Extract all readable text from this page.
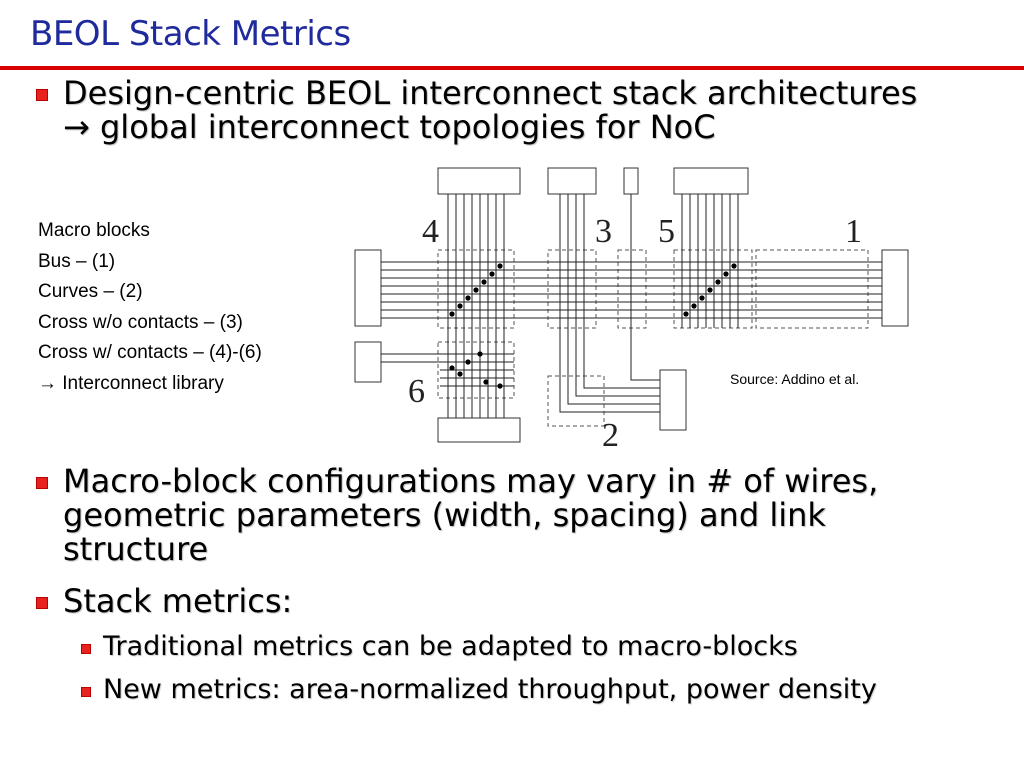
BEOL Stack Metrics
Design-centric BEOL interconnect stack architectures
→ global interconnect topologies for NoC
Macro blocks
Bus – (1)
Curves – (2)
Cross w/o contacts – (3)
Cross w/ contacts – (4)-(6)
→ Interconnect library
4	3 5	1
6
2
Source: Addino et al.
Macro-block configurations may vary in # of wires,
geometric parameters (width, spacing) and link
structure
Stack metrics:
Traditional metrics can be adapted to macro-blocks
New metrics: area-normalized throughput, power density
